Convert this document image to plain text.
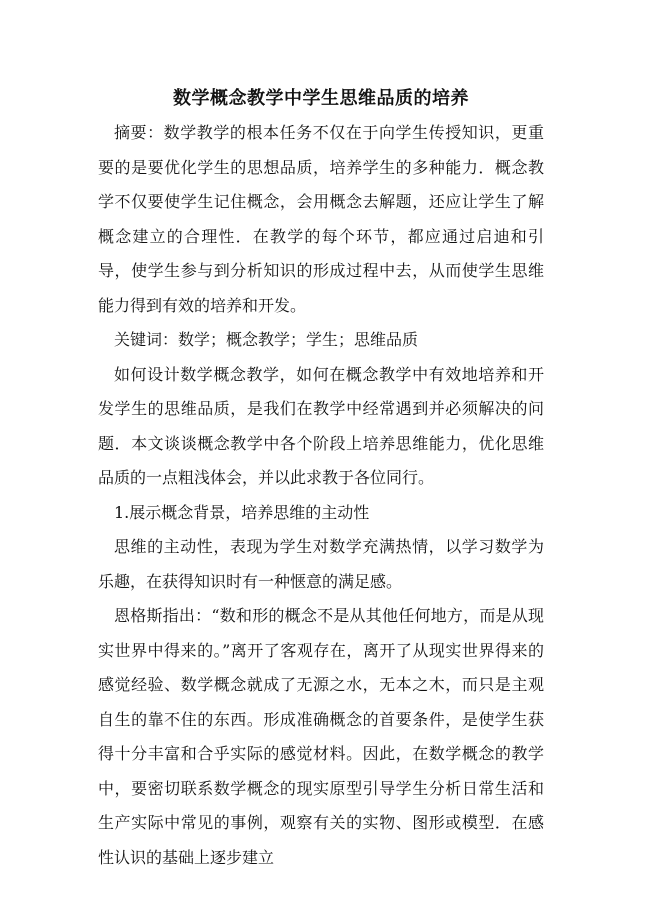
数学概念教学中学生思维品质的培养

摘要：数学教学的根本任务不仅在于向学生传授知识，更重要的是要优化学生的思想品质，培养学生的多种能力．概念教学不仅要使学生记住概念，会用概念去解题，还应让学生了解概念建立的合理性．在教学的每个环节，都应通过启迪和引导，使学生参与到分析知识的形成过程中去，从而使学生思维能力得到有效的培养和开发。

关键词：数学；概念教学；学生；思维品质

如何设计数学概念教学，如何在概念教学中有效地培养和开发学生的思维品质，是我们在教学中经常遇到并必须解决的问题．本文谈谈概念教学中各个阶段上培养思维能力，优化思维品质的一点粗浅体会，并以此求教于各位同行。

1.展示概念背景，培养思维的主动性

思维的主动性，表现为学生对数学充满热情，以学习数学为乐趣，在获得知识时有一种惬意的满足感。

恩格斯指出：“数和形的概念不是从其他任何地方，而是从现实世界中得来的。”离开了客观存在，离开了从现实世界得来的感觉经验、数学概念就成了无源之水，无本之木，而只是主观自生的靠不住的东西。形成准确概念的首要条件，是使学生获得十分丰富和合乎实际的感觉材料。因此，在数学概念的教学中，要密切联系数学概念的现实原型引导学生分析日常生活和生产实际中常见的事例，观察有关的实物、图形或模型．在感性认识的基础上逐步建立
